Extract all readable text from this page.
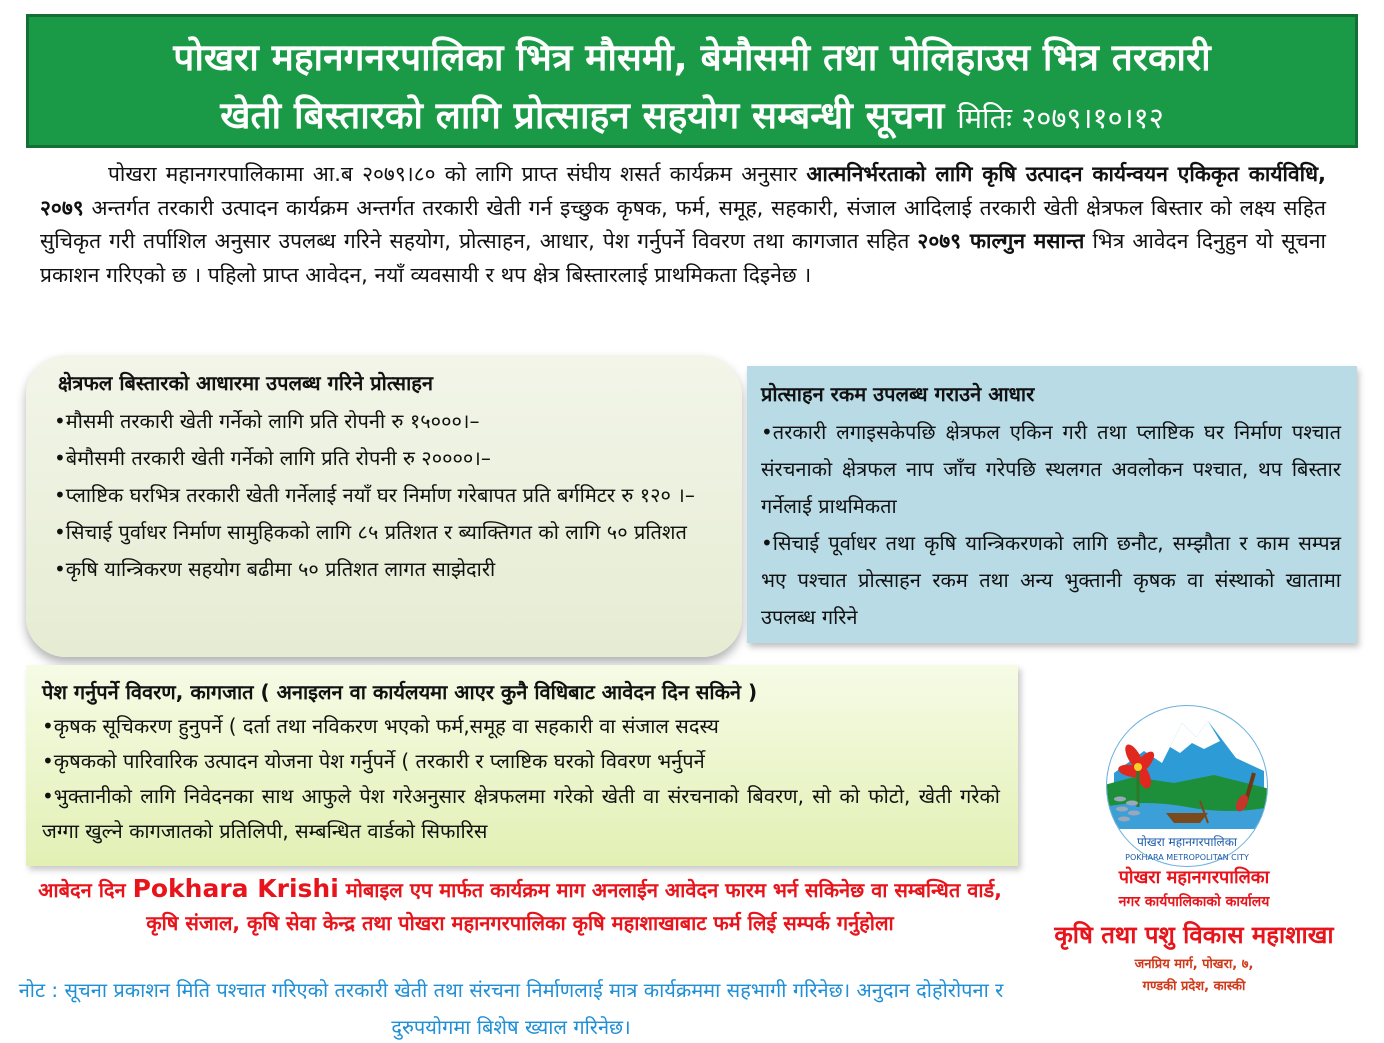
पोखरा महानगनरपालिका भित्र मौसमी, बेमौसमी तथा पोलिहाउस भित्र तरकारी
खेती बिस्तारको लागि प्रोत्साहन सहयोग सम्बन्धी सूचना मितिः २०७९।१०।१२
पोखरा महानगरपालिकामा आ.ब २०७९।८० को लागि प्राप्त संघीय शसर्त कार्यक्रम अनुसार आत्मनिर्भरताको लागि कृषि उत्पादन कार्यन्वयन एकिकृत कार्यविधि, २०७९ अन्तर्गत तरकारी उत्पादन कार्यक्रम अन्तर्गत तरकारी खेती गर्न इच्छुक कृषक, फर्म, समूह, सहकारी, संजाल आदिलाई तरकारी खेती क्षेत्रफल बिस्तार को लक्ष्य सहित सुचिकृत गरी तर्पाशिल अनुसार उपलब्ध गरिने सहयोग, प्रोत्साहन, आधार, पेश गर्नुपर्ने विवरण तथा कागजात सहित २०७९ फाल्गुन मसान्त भित्र आवेदन दिनुहुन यो सूचना प्रकाशन गरिएको छ । पहिलो प्राप्त आवेदन, नयाँ व्यवसायी र थप क्षेत्र बिस्तारलाई प्राथमिकता दिइनेछ ।
क्षेत्रफल बिस्तारको आधारमा उपलब्ध गरिने प्रोत्साहन
•मौसमी तरकारी खेती गर्नेको लागि प्रति रोपनी रु १५०००।–
•बेमौसमी तरकारी खेती गर्नेको लागि प्रति रोपनी रु २००००।–
•प्लाष्टिक घरभित्र तरकारी खेती गर्नेलाई नयाँ घर निर्माण गरेबापत प्रति बर्गमिटर रु १२० ।–
•सिचाई पुर्वाधर निर्माण सामुहिकको लागि ८५ प्रतिशत र ब्याक्तिगत को लागि ५० प्रतिशत
•कृषि यान्त्रिकरण सहयोग बढीमा ५० प्रतिशत लागत साझेदारी
प्रोत्साहन रकम उपलब्ध गराउने आधार
•तरकारी लगाइसकेपछि क्षेत्रफल एकिन गरी तथा प्लाष्टिक घर निर्माण पश्चात संरचनाको क्षेत्रफल नाप जाँच गरेपछि स्थलगत अवलोकन पश्चात, थप बिस्तार गर्नेलाई प्राथमिकता
•सिचाई पूर्वाधर तथा कृषि यान्त्रिकरणको लागि छनौट, सम्झौता र काम सम्पन्न भए पश्चात प्रोत्साहन रकम तथा अन्य भुक्तानी कृषक वा संस्थाको खातामा उपलब्ध गरिने
पेश गर्नुपर्ने विवरण, कागजात ( अनाइलन वा कार्यलयमा आएर कुनै विधिबाट आवेदन दिन सकिने )
•कृषक सूचिकरण हुनुपर्ने ( दर्ता तथा नविकरण भएको फर्म,समूह वा सहकारी वा संजाल सदस्य
•कृषकको पारिवारिक उत्पादन योजना पेश गर्नुपर्ने ( तरकारी र प्लाष्टिक घरको विवरण भर्नुपर्ने
•भुक्तानीको लागि निवेदनका साथ आफुले पेश गरेअनुसार क्षेत्रफलमा गरेको खेती वा संरचनाको बिवरण, सो को फोटो, खेती गरेको जग्गा खुल्ने कागजातको प्रतिलिपी, सम्बन्धित वार्डको सिफारिस
आबेदन दिन Pokhara Krishi मोबाइल एप मार्फत कार्यक्रम माग अनलाईन आवेदन फारम भर्न सकिनेछ वा सम्बन्धित वार्ड, कृषि संजाल, कृषि सेवा केन्द्र तथा पोखरा महानगरपालिका कृषि महाशाखाबाट फर्म लिई सम्पर्क गर्नुहोला
नोट : सूचना प्रकाशन मिति पश्चात गरिएको तरकारी खेती तथा संरचना निर्माणलाई मात्र कार्यक्रममा सहभागी गरिनेछ। अनुदान दोहोरोपना र दुरुपयोगमा बिशेष ख्याल गरिनेछ।
पोखरा महानगरपालिका
POKHARA METROPOLITAN CITY
पोखरा महानगरपालिका
नगर कार्यपालिकाको कार्यालय
कृषि तथा पशु विकास महाशाखा
जनप्रिय मार्ग, पोखरा, ७,
गण्डकी प्रदेश, कास्की
